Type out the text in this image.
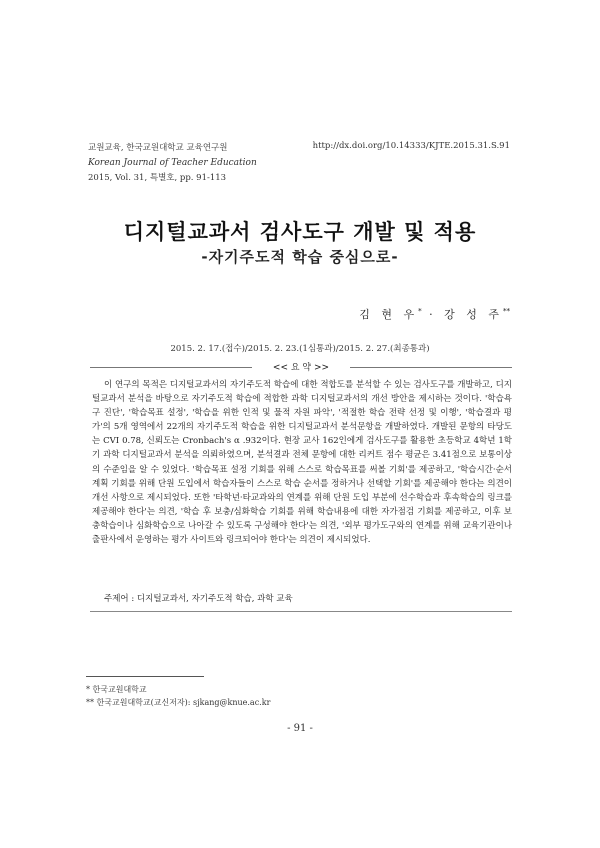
교원교육, 한국교원대학교 교육연구원
Korean Journal of Teacher Education
2015, Vol. 31, 특별호, pp. 91-113
http://dx.doi.org/10.14333/KJTE.2015.31.S.91
디지털교과서 검사도구 개발 및 적용
-자기주도적 학습 중심으로-
김 현 우* · 강 성 주**
2015. 2. 17.(접수)/2015. 2. 23.(1심통과)/2015. 2. 27.(최종통과)
<< 요 약 >>

이 연구의 목적은 디지털교과서의 자기주도적 학습에 대한 적합도를 분석할 수 있는 검사도구를 개발하고, 디지털교과서 분석을 바탕으로 자기주도적 학습에 적합한 과학 디지털교과서의 개선 방안을 제시하는 것이다. '학습욕구 진단', '학습목표 설정', '학습을 위한 인적 및 물적 자원 파악', '적절한 학습 전략 선정 및 이행', '학습결과 평가'의 5개 영역에서 22개의 자기주도적 학습을 위한 디지털교과서 분석문항을 개발하였다. 개발된 문항의 타당도는 CVI 0.78, 신뢰도는 Cronbach's α .932이다. 현장 교사 162인에게 검사도구를 활용한 초등학교 4학년 1학기 과학 디지털교과서 분석을 의뢰하였으며, 분석결과 전체 문항에 대한 리커트 점수 평균은 3.41점으로 보통이상의 수준임을 알 수 있었다. '학습목표 설정 기회를 위해 스스로 학습목표를 써볼 기회'를 제공하고, '학습시간·순서 계획 기회를 위해 단원 도입에서 학습자들이 스스로 학습 순서를 정하거나 선택할 기회'를 제공해야 한다는 의견이 개선 사항으로 제시되었다. 또한 '타학년·타교과와의 연계를 위해 단원 도입 부분에 선수학습과 후속학습의 링크를 제공해야 한다'는 의견, '학습 후 보충/심화학습 기회를 위해 학습내용에 대한 자가점검 기회를 제공하고, 이후 보충학습이나 심화학습으로 나아갈 수 있도록 구성해야 한다'는 의견, '외부 평가도구와의 연계를 위해 교육기관이나 출판사에서 운영하는 평가 사이트와 링크되어야 한다'는 의견이 제시되었다.

주제어 : 디지털교과서, 자기주도적 학습, 과학 교육
* 한국교원대학교
** 한국교원대학교(교신저자): sjkang@knue.ac.kr
- 91 -
